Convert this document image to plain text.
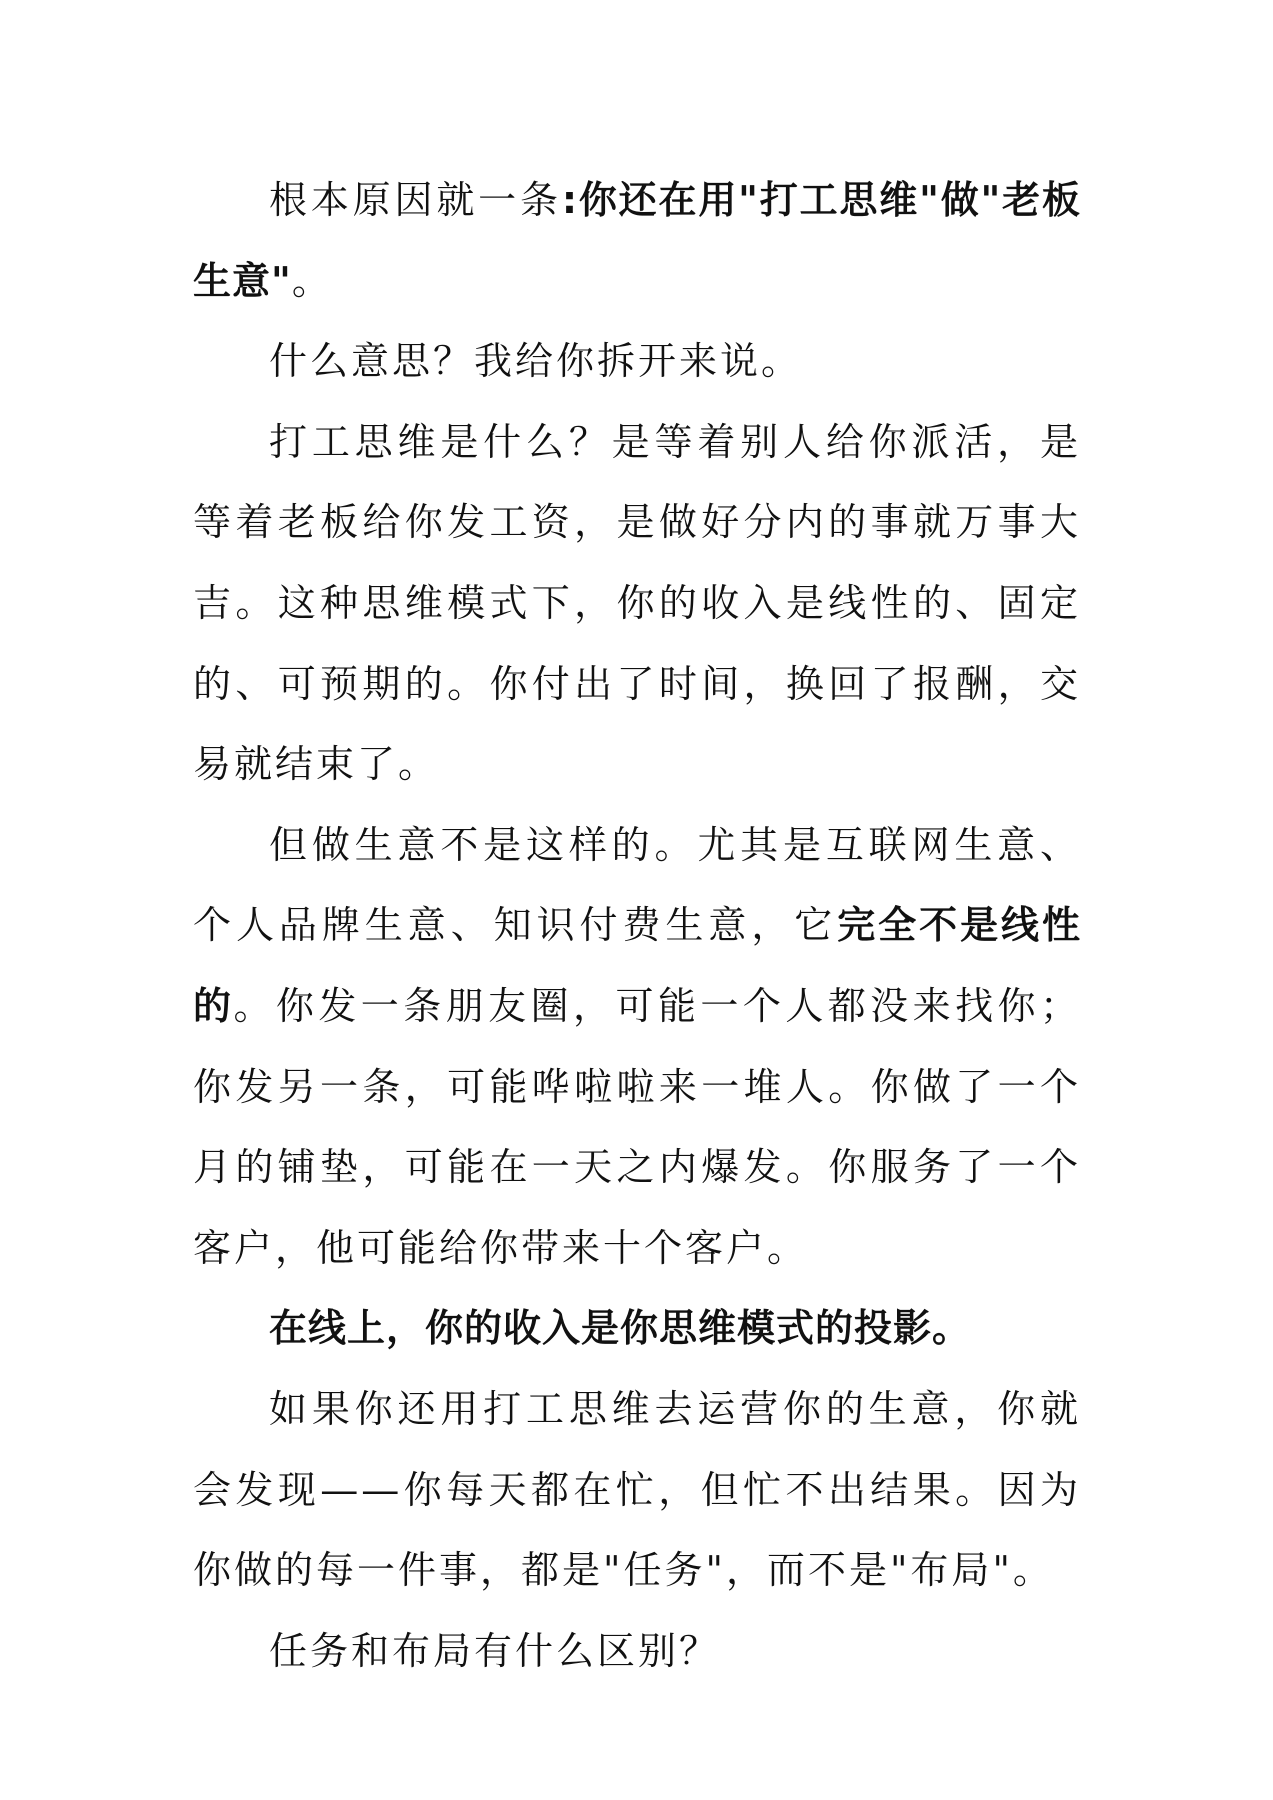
根本原因就一条:你还在用"打工思维"做"老板生意"。

什么意思？我给你拆开来说。

打工思维是什么？是等着别人给你派活，是等着老板给你发工资，是做好分内的事就万事大吉。这种思维模式下，你的收入是线性的、固定的、可预期的。你付出了时间，换回了报酬，交易就结束了。

但做生意不是这样的。尤其是互联网生意、个人品牌生意、知识付费生意，它完全不是线性的。你发一条朋友圈，可能一个人都没来找你；你发另一条，可能哗啦啦来一堆人。你做了一个月的铺垫，可能在一天之内爆发。你服务了一个客户，他可能给你带来十个客户。

在线上，你的收入是你思维模式的投影。

如果你还用打工思维去运营你的生意，你就会发现——你每天都在忙，但忙不出结果。因为你做的每一件事，都是"任务"，而不是"布局"。

任务和布局有什么区别？
